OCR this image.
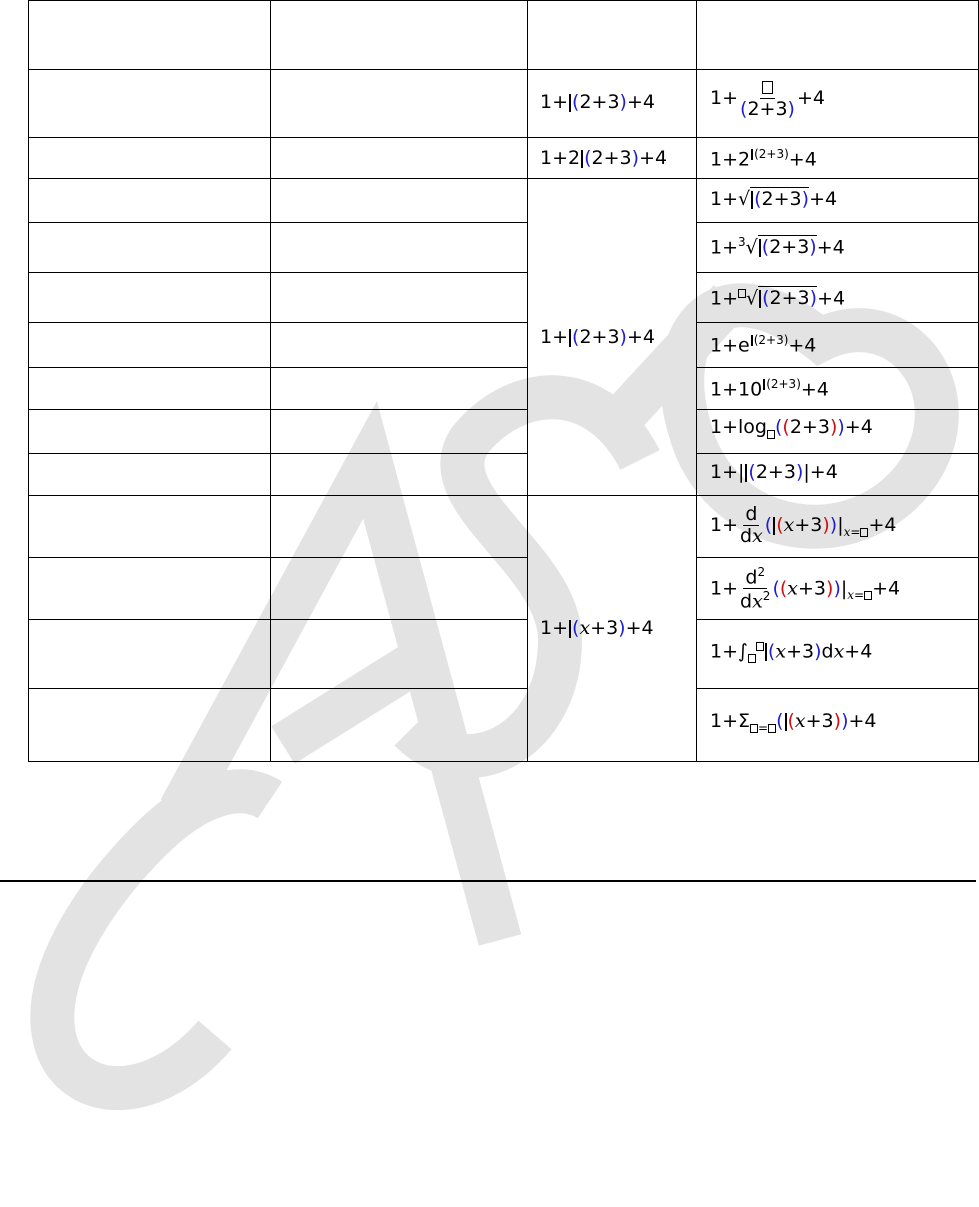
CASIO
1+ (2+3)+4
1+2 (2+3)+4
1+ (2+3)+4
1+ (x+3)+4
1+ (2+3) +4
1+2 $^{(2+3)}$+4
1+√ (2+3)+4
1+$^3$√ (2+3)+4
1+ √ (2+3)+4
1+e $^{(2+3)}$+4
1+10 $^{(2+3)}$+4
1+log ((2+3))+4
1+| (2+3)|+4
$1+ \frac{d}{dx}$ ( $(x+3))|_{x=} +4$
$1+ \frac{d^2}{dx^2} ((x+3))|_{x=} +4$
1+∫ (x+3)dx+4
1+Σ $_=$ ( (x+3))+4
